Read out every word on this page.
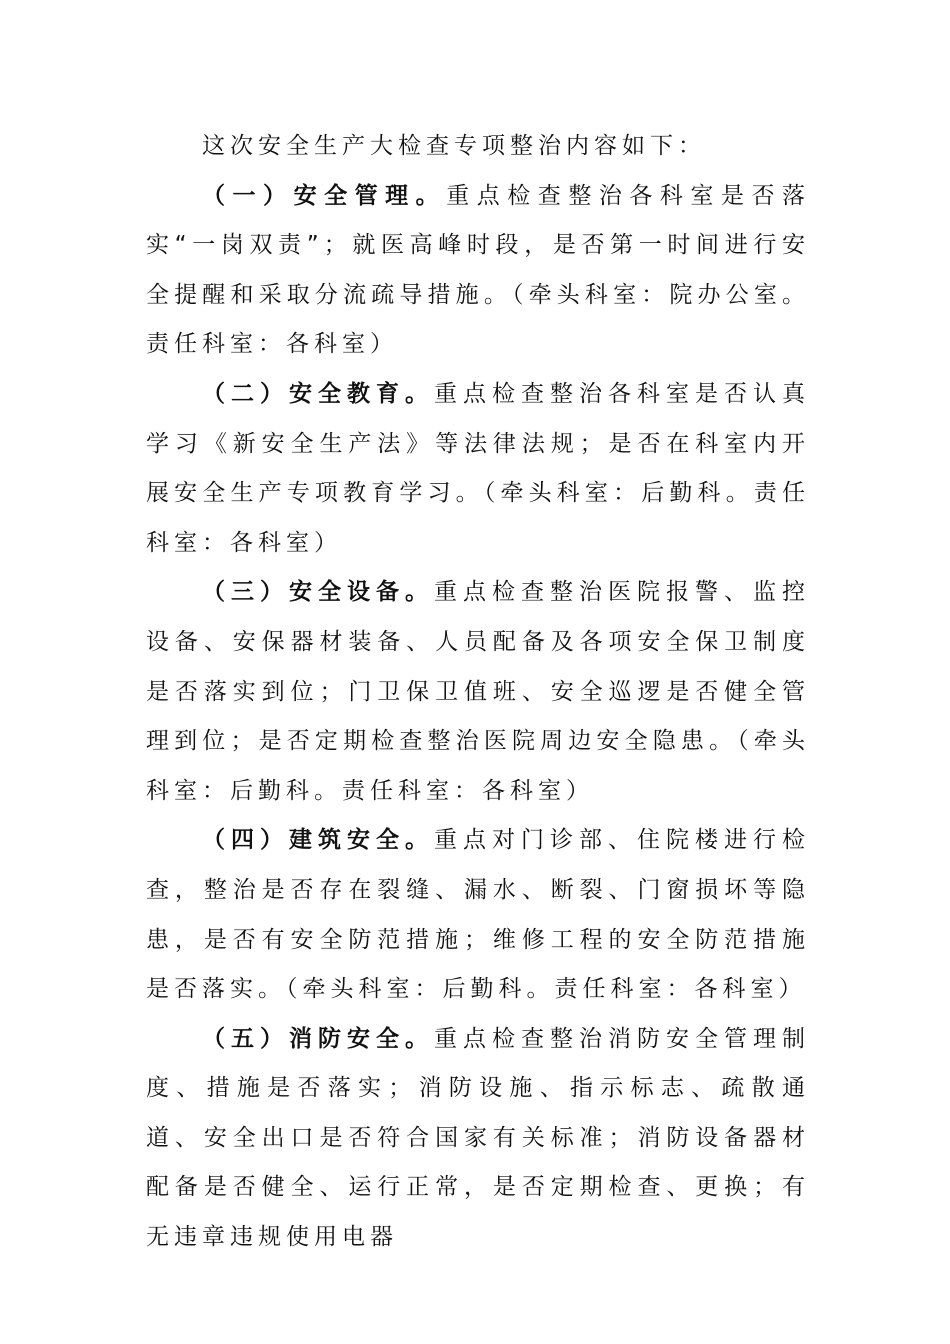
这次安全生产大检查专项整治内容如下：

（一）安全管理。重点检查整治各科室是否落实“一岗双责”；就医高峰时段，是否第一时间进行安全提醒和采取分流疏导措施。（牵头科室：院办公室。责任科室：各科室）

（二）安全教育。重点检查整治各科室是否认真学习《新安全生产法》等法律法规；是否在科室内开展安全生产专项教育学习。（牵头科室：后勤科。责任科室：各科室）

（三）安全设备。重点检查整治医院报警、监控设备、安保器材装备、人员配备及各项安全保卫制度是否落实到位；门卫保卫值班、安全巡逻是否健全管理到位；是否定期检查整治医院周边安全隐患。（牵头科室：后勤科。责任科室：各科室）

（四）建筑安全。重点对门诊部、住院楼进行检查，整治是否存在裂缝、漏水、断裂、门窗损坏等隐患，是否有安全防范措施；维修工程的安全防范措施是否落实。（牵头科室：后勤科。责任科室：各科室）

（五）消防安全。重点检查整治消防安全管理制度、措施是否落实；消防设施、指示标志、疏散通道、安全出口是否符合国家有关标准；消防设备器材配备是否健全、运行正常，是否定期检查、更换；有无违章违规使用电器
